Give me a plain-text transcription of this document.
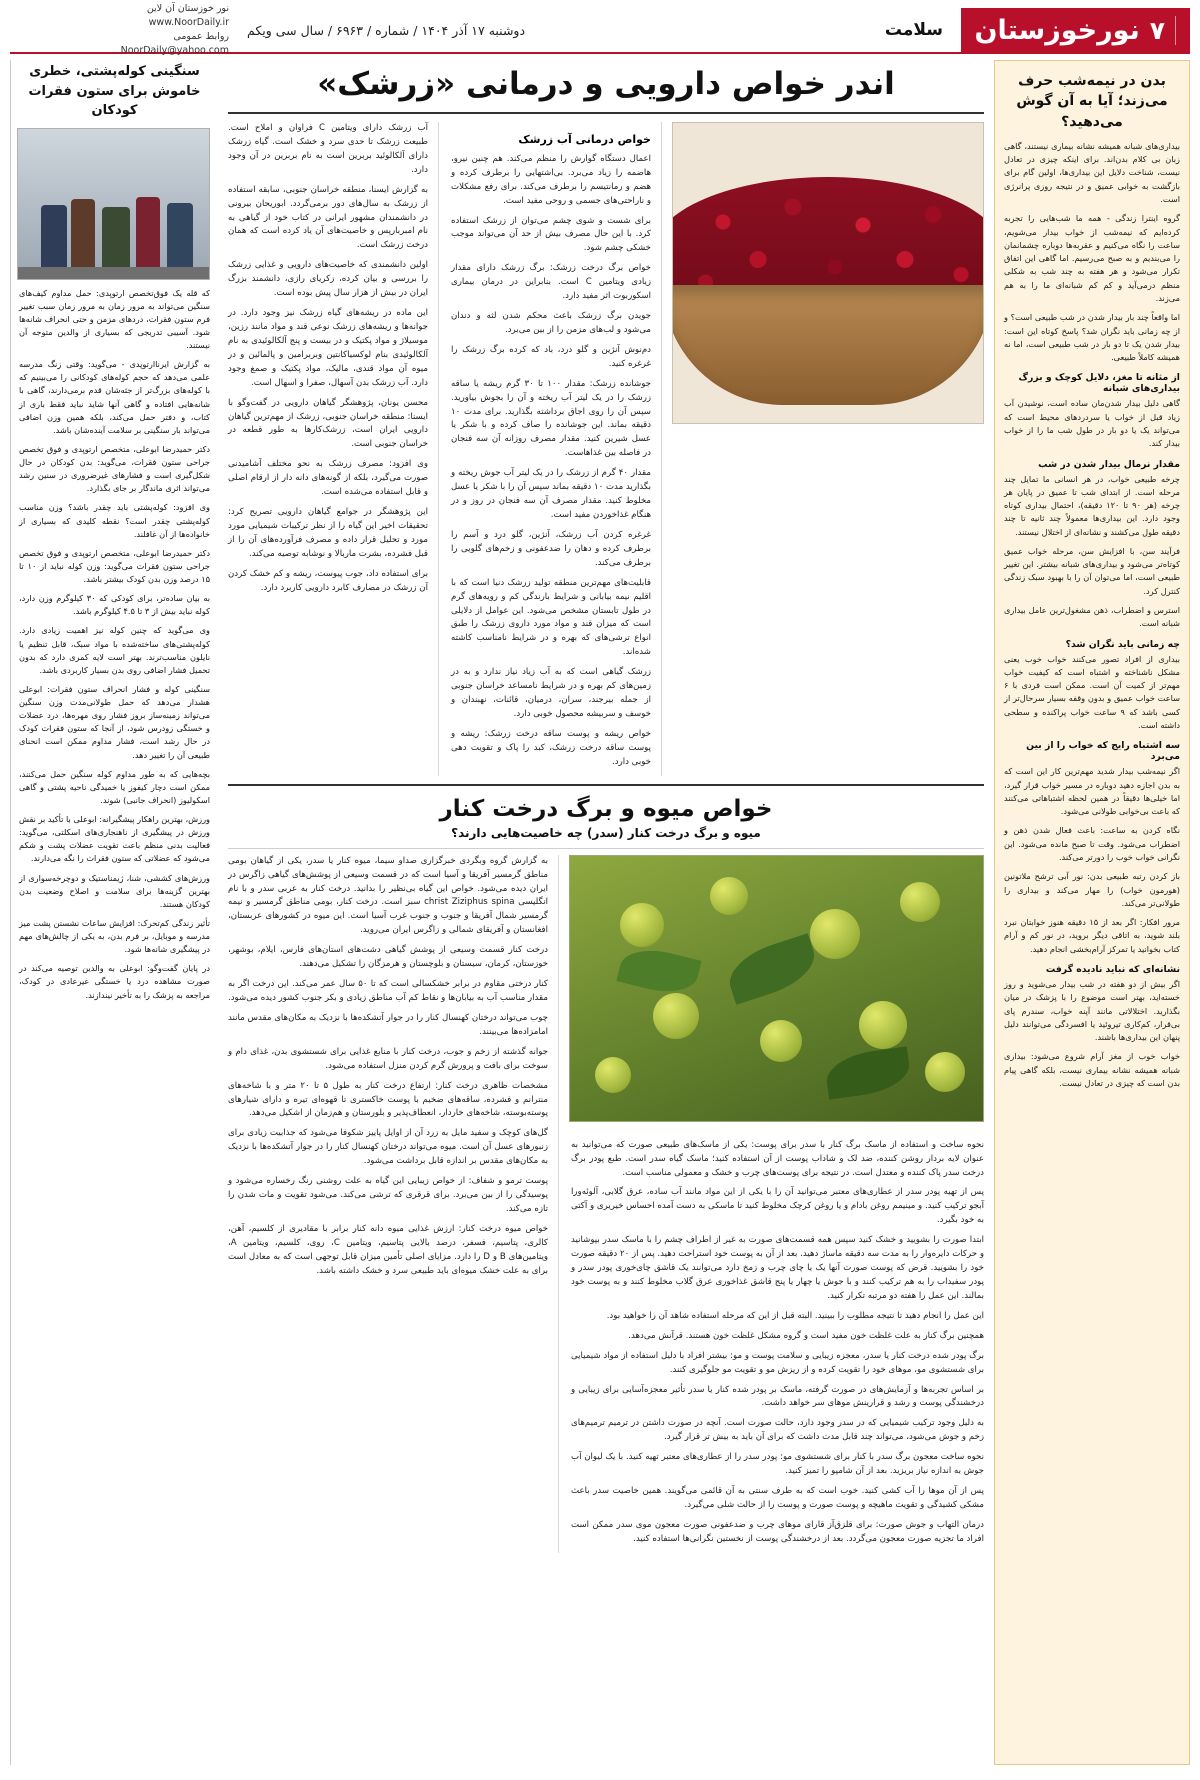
۷
نورخوزستان
سلامت
دوشنبه ۱۷ آذر ۱۴۰۴ / شماره / ۶۹۶۳ / سال سی ویکم
نور خوزستان آن لاین
www.NoorDaily.ir
روابط عمومی
NoorDaily@yahoo.com
بدن در نیمه‌شب حرف می‌زند؛ آیا به آن گوش می‌دهید؟

بیداری‌های شبانه همیشه نشانه بیماری نیستند، گاهی زبان بی کلام بدن‌اند. برای اینکه چیزی در تعادل نیست، شناخت دلایل این بیداری‌ها، اولین گام برای بازگشت به خوابی عمیق و در نتیجه روزی پرانرژی است.

گروه اینترا زندگی - همه ما شب‌هایی را تجربه کرده‌ایم که نیمه‌شب از خواب بیدار می‌شویم، ساعت را نگاه می‌کنیم و عقربه‌ها دوباره چشمانمان را می‌بندیم و به صبح می‌رسیم. اما گاهی این اتفاق تکرار می‌شود و هر هفته به چند شب به شکلی منظم درمی‌آید و کم کم شبانه‌ای ما را به هم می‌زند.

اما واقعاً چند بار بیدار شدن در شب طبیعی است؟ و از چه زمانی باید نگران شد؟ پاسخ کوتاه این است: بیدار شدن یک تا دو بار در شب طبیعی است، اما نه همیشه کاملاً طبیعی.

از مثانه تا مغز، دلایل کوچک و بزرگ بیداری‌های شبانه

گاهی دلیل بیدار شدن‌مان ساده است، نوشیدن آب زیاد قبل از خواب یا سردردهای محیط است که می‌تواند یک یا دو بار در طول شب ما را از خواب بیدار کند.

مقدار نرمال بیدار شدن در شب

چرخه طبیعی خواب، در هر انسانی ما تمایل چند مرحله است. از ابتدای شب تا عمیق در پایان هر چرخه (هر ۹۰ تا ۱۲۰ دقیقه)، احتمال بیداری کوتاه وجود دارد. این بیداری‌ها معمولاً چند ثانیه تا چند دقیقه طول می‌کشند و نشانه‌ای از اختلال نیستند.

فرآیند سن، با افزایش سن، مرحله خواب عمیق کوتاه‌تر می‌شود و بیداری‌های شبانه بیشتر. این تغییر طبیعی است، اما می‌توان آن را با بهبود سبک زندگی کنترل کرد.

استرس و اضطراب، ذهن مشغول‌ترین عامل بیداری شبانه است.

چه زمانی باید نگران شد؟

بیداری از افراد تصور می‌کنند خواب خوب یعنی مشکل ناشناخته و اشتباه است که کیفیت خواب مهم‌تر از کمیت آن است. ممکن است فردی با ۶ ساعت خواب عمیق و بدون وقفه بسیار سرحال‌تر از کسی باشد که ۹ ساعت خواب پراکنده و سطحی داشته است.

سه اشتباه رایج که خواب را از بین می‌برد

اگر نیمه‌شب بیدار شدید مهم‌ترین کار این است که به بدن اجازه دهید دوباره در مسیر خواب قرار گیرد، اما خیلی‌ها دقیقاً در همین لحظه اشتباهاتی می‌کنند که باعث بی‌خوابی طولانی می‌شود.

نگاه کردن به ساعت: باعث فعال شدن ذهن و اضطراب می‌شود. وقت تا صبح مانده می‌شود. این نگرانی خواب خوب را دورتر می‌کند.

باز کردن رتبه طبیعی بدن: نور آبی ترشح ملاتونین (هورمون خواب) را مهار می‌کند و بیداری را طولانی‌تر می‌کند.

مرور افکار: اگر بعد از ۱۵ دقیقه هنوز خوابتان نبرد بلند شوید، به اتاقی دیگر بروید، در نور کم و آرام کتاب بخوانید یا تمرکز آرام‌بخشی انجام دهید.

نشانه‌ای که نباید نادیده گرفت

اگر بیش از دو هفته در شب بیدار می‌شوید و روز خسته‌اید، بهتر است موضوع را با پزشک در میان بگذارید. اختلالاتی مانند آپنه خواب، سندرم پای بی‌قرار، کم‌کاری تیروئید یا افسردگی می‌توانند دلیل پنهان این بیداری‌ها باشند.

خواب خوب از مغز آرام شروع می‌شود: بیداری شبانه همیشه نشانه بیماری نیست، بلکه گاهی پیام بدن است که چیزی در تعادل نیست.

اندر خواص دارویی و درمانی «زرشک»
خواص درمانی آب زرشک

اعمال دستگاه گوارش را منظم می‌کند. هم چنین نیرو، هاضمه را زیاد می‌برد. بی‌اشتهایی را برطرف کرده و هضم و رمانتیسم را برطرف می‌کند. برای رفع مشکلات و ناراحتی‌های جسمی و روحی مفید است.

برای شست و شوی چشم می‌توان از زرشک استفاده کرد. با این حال مصرف بیش از حد آن می‌تواند موجب خشکی چشم شود.

خواص برگ درخت زرشک: برگ زرشک دارای مقدار زیادی ویتامین C است. بنابراین در درمان بیماری اسکوربوت اثر مفید دارد.

جویدن برگ زرشک باعث محکم شدن لثه و دندان می‌شود و لب‌های مزمن را از بین می‌برد.

دم‌نوش آنژین و گلو درد، باد که کرده برگ زرشک را غرغره کنید.

جوشانده زرشک: مقدار ۱۰۰ تا ۳۰ گرم ریشه یا ساقه زرشک را در یک لیتر آب ریخته و آن را بجوش بیاورید. سپس آن را روی اجاق برداشته بگذارید. برای مدت ۱۰ دقیقه بماند. این جوشانده را صاف کرده و با شکر یا عسل شیرین کنید. مقدار مصرف روزانه آن سه فنجان در فاصله بین غذاهاست.

مقدار ۴۰ گرم از زرشک را در یک لیتر آب جوش ریخته و بگذارید مدت ۱۰ دقیقه بماند سپس آن را با شکر یا عسل مخلوط کنید. مقدار مصرف آن سه فنجان در روز و در هنگام غذاخوردن مفید است.

غرغره کردن آب زرشک، آنژین، گلو درد و آسم را برطرف کرده و دهان را ضدعفونی و زخم‌های گلویی را برطرف می‌کند.

قابلیت‌های مهم‌ترین منطقه تولید زرشک دنیا است که با اقلیم نیمه بیابانی و شرایط بارندگی کم و رویه‌های گرم در طول تابستان مشخص می‌شود. این عوامل از دلایلی است که میزان قند و مواد مورد داروی زرشک را طبق انواع ترشی‌های که بهره و در شرایط نامناسب کاشته شده‌اند.

زرشک گیاهی است که به آب زیاد نیاز ندارد و به در زمین‌های کم بهره و در شرایط نامساعد خراسان جنوبی از جمله بیرجند، سران، درمیان، قائنات، نهبندان و خوسف و سربیشه محصول خوبی دارد.

خواص ریشه و پوست ساقه درخت زرشک: ریشه و پوست ساقه درخت زرشک، کبد را پاک و تقویت دهی خوبی دارد.

آب زرشک دارای ویتامین C فراوان و املاح است. طبیعت زرشک تا حدی سرد و خشک است. گیاه زرشک دارای آلکالوئید بربرین است به نام بربرین در آن وجود دارد.

به گزارش ایسنا، منطقه خراسان جنوبی، سابقه استفاده از زرشک به سال‌های دور برمی‌گردد. ابوریحان بیرونی در دانشمندان مشهور ایرانی در کتاب خود از گیاهی به نام امبربارپس و خاصیت‌های آن یاد کرده است که همان درخت زرشک است.

اولین دانشمندی که خاصیت‌های دارویی و غذایی زرشک را بررسی و بیان کرده، زکریای رازی، دانشمند بزرگ ایران در بیش از هزار سال پیش بوده است.

این ماده در ریشه‌های گیاه زرشک نیز وجود دارد. در جوانه‌ها و ریشه‌های زرشک نوعی قند و مواد مانند رزین، موسیلاژ و مواد پکتیک و در بیست و پنج آلکالوئیدی به نام آلکالوئیدی بنام لوکسیاکانتین وبربرامین و پالمائین و در میوه آن مواد قندی، مالیک، مواد پکتیک و صمغ وجود دارد. آب زرشک بدن آسهال، صفرا و اسهال است.

محسن یونان، پژوهشگر گیاهان دارویی در گفت‌وگو با ایسنا: منطقه خراسان جنوبی، زرشک از مهم‌ترین گیاهان دارویی ایران است، زرشک‌کارها به طور قطعه در خراسان جنوبی است.

وی افزود: مصرف زرشک به نحو مختلف آشامیدنی صورت می‌گیرد، بلکه از گونه‌های دانه دار از ارقام اصلی و قابل استفاده می‌شده است.

این پژوهشگر در جوامع گیاهان دارویی تصریح کرد: تحقیقات اخیر این گیاه را از نظر ترکیبات شیمیایی مورد مورد و تحلیل قرار داده و مصرف فرآورده‌های آن را از قبل فشرده، بشرت ماربالا و نوشابه توصیه می‌کند.

برای استفاده داد، جوب پیوست، ریشه و کم خشک کردن آن زرشک در مصارف کابرد دارویی کاربرد دارد.

خواص میوه و برگ درخت کنار
میوه و برگ درخت کنار (سدر) چه خاصیت‌هایی دارند؟

نحوه ساخت و استفاده از ماسک برگ کنار با سدر برای پوست: یکی از ماسک‌های طبیعی صورت که می‌توانید به عنوان لایه بردار روشن کننده، ضد لک و شاداب پوست از آن استفاده کنید؛ ماسک گیاه سدر است. طبع پودر برگ درخت سدر پاک کننده و معتدل است. در نتیجه برای پوست‌های چرب و خشک و معمولی مناسب است.

پس از تهیه پودر سدر از عطاری‌های معتبر می‌توانید آن را با یکی از این مواد مانند آب ساده، عرق گلابی، آلوئه‌ورا آبجو ترکیب کنید. و مینیمم روغن بادام و یا روغن کرچک مخلوط کنید تا ماسکی به دست آمده احساس خیریری و آکتی به خود بگیرد.

ابتدا صورت را بشویید و خشک کنید سپس همه قسمت‌های صورت به غیر از اطراف چشم را با ماسک سدر بپوشانید و حرکات دایره‌وار را به مدت سه دقیقه ماساژ دهید. بعد از آن به پوست خود استراحت دهید. پس از ۲۰ دقیقه صورت خود را بشویید. قرض که پوست صورت آنها یک یا چای چرب و زمخ دارد می‌توانند یک قاشق چای‌خوری پودر سدر و پودر سفیداب را به هم ترکیب کنند و با جوش یا چهار یا پنج قاشق غذاخوری عرق گلاب مخلوط کنند و به پوست خود بمالند. این عمل را هفته دو مرتبه تکرار کنید.

این عمل را انجام دهید تا نتیجه مطلوب را ببینید. البته قبل از این که مرحله استفاده شاهد آن را خواهید بود.

همچنین برگ کنار به علت غلظت خون مفید است و گروه مشکل غلظت خون هستند. قرآنش می‌دهد.

برگ پودر شده درخت کنار یا سدر، معجزه زیبایی و سلامت پوست و مو: بیشتر افراد با دلیل استفاده از مواد شیمیایی برای شستشوی مو، موهای خود را تقویت کرده و از ریزش مو و تقویت مو جلوگیری کنند.

بر اساس تجربه‌ها و آزمایش‌های در صورت گرفته، ماسک بر پودر شده کنار یا سدر تأثیر معجزه‌آسایی برای زیبایی و درخشندگی پوست و رشد و قرارینش موهای سر خواهد داشت.

به دلیل وجود ترکیب شیمیایی که در سدر وجود دارد، حالت صورت است. آنچه در صورت داشتن در ترمیم ترمیم‌های زخم و جوش می‌شود، می‌تواند چند قابل مدت داشت که برای آن باید به بیش تر قرار گیرد.

نحوه ساخت معجون برگ سدر با کنار برای شستشوی مو: پودر سدر را از عطاری‌های معتبر تهیه کنید. با یک لیوان آب جوش به اندازه نیاز بریزید. بعد از آن شامپو را تمیز کنید.

پس از آن موها را آب کشی کنید. خوب است که به طرف سنتی به آن قائمی می‌گویند. همین خاصیت سدر باعث مشکی کشیدگی و تقویت ماهیچه و پوست صورت و پوست را از حالت شلی می‌گیرد.

درمان التهاب و جوش صورت: برای قلزق‌آز قارای موهای چرب و ضدعفونی صورت معجون موی سدر ممکن است افراد ما تجزیه صورت معجون می‌گردد. بعد از درخشندگی پوست از نخستین نگرانی‌ها استفاده کنید.

به گزارش گروه وبگردی خبرگزاری صداو سیما، میوه کنار یا سدر، یکی از گیاهان بومی مناطق گرمسیر آفریقا و آسیا است که در قسمت وسیعی از پوشش‌های گیاهی زاگرس در ایران دیده می‌شود. خواص این گیاه بی‌نظیر را بدانید. درخت کنار به عربی سدر و با نام انگلیسی christ Ziziphus spina سبز است. درخت کنار، بومی مناطق گرمسیر و نیمه گرمسیر شمال آفریقا و جنوب و جنوب غرب آسیا است. این میوه در کشورهای عربستان، افغانستان و آفریقای شمالی و زاگرس ایران می‌روید.

درخت کنار قسمت وسیعی از پوشش گیاهی دشت‌های استان‌های فارس، ایلام، بوشهر، خوزستان، کرمان، سیستان و بلوچستان و هرمزگان را تشکیل می‌دهند.

کنار درختی مقاوم در برابر خشکسالی است که تا ۵۰ سال عمر می‌کند. این درخت اگر به مقدار مناسب آب به بیابان‌ها و نقاط کم آب مناطق زیادی و بکر جنوب کشور دیده می‌شود.

چوب می‌تواند درختان کهنسال کنار را در جوار آتشکده‌ها با نزدیک به مکان‌های مقدس مانند امامزاده‌ها می‌بینند.

جوانه گذشته از زخم و جوب، درخت کنار با منابع غذایی برای شستشوی بدن، غذای دام و سوخت برای بافت و پرورش گرم کردن منزل استفاده می‌شود.

مشخصات ظاهری درخت کنار: ارتفاع درخت کنار به طول ۵ تا ۲۰ متر و با شاخه‌های منترانم و فشرده، ساقه‌های ضخیم با پوست خاکستری تا قهوه‌ای تیره و دارای شیارهای پوسته‌بوسته، شاخه‌های خاردار، انعطاف‌پذیر و بلورستان و هم‌زمان از اشکیل می‌دهد.

گل‌های کوچک و سفید مایل به زرد آن از اوایل پاییز شکوفا می‌شود که جذابیت زیادی برای زنبورهای عسل آن است. میوه می‌تواند درختان کهنسال کنار را در جوار آتشکده‌ها با نزدیک به مکان‌های مقدس بر اندازه قابل برداشت می‌شود.

پوست ترمو و شفاف: از خواص زیبایی این گیاه به علت روشنی رنگ رخساره می‌شود و پوسیدگی را از بین می‌برد. برای قرقری که ترشی می‌کند. می‌شود تقویت و مات شدن را تازه می‌کند.

خواص میوه درخت کنار: ارزش غذایی میوه دانه کنار برابر با مقادیری از کلسیم، آهن، کالری، پتاسیم، فسفر، درصد بالایی پتاسیم، ویتامین C، روی، کلسیم، ویتامین A، ویتامین‌های B و D را دارد. مزایای اصلی تأمین میزان قابل توجهی است که به معادل است برای به علت خشک میوه‌ای باید طبیعی سرد و خشک داشته باشد.

سنگینی کوله‌پشتی، خطری خاموش برای ستون فقرات کودکان

که قله یک فوق‌تخصص ارتوپدی: حمل مداوم کیف‌های سنگین می‌تواند به مرور زمان به مرور زمان سبب تغییر فرم ستون فقرات، دردهای مزمن و حتی انحراف شانه‌ها شود. آسیبی تدریجی که بسیاری از والدین متوجه آن نیستند.

به گزارش ایرناارتوپدی - می‌گوید: وقتی زنگ مدرسه علمی می‌دهد که حجم کوله‌های کودکانی را می‌بینیم که با کوله‌های بزرگ‌تر از جثه‌شان قدم برمی‌دارند، گاهی با شانه‌هایی افتاده و گاهی آنها شاید نباید فقط باری از کتاب، و دفتر حمل می‌کند، بلکه همین وزن اضافی می‌تواند بار سنگینی بر سلامت آینده‌شان باشد.

دکتر حمیدرضا ابوعلی، متخصص ارتوپدی و فوق تخصص جراحی ستون فقرات، می‌گوید: بدن کودکان در حال شکل‌گیری است و فشارهای غیرضروری در سنین رشد می‌تواند اثری ماندگار بر جای بگذارد.

وی افزود: کوله‌پشتی باید چقدر باشد؟ وزن مناسب کوله‌پشتی چقدر است؟ نقطه کلیدی که بسیاری از خانواده‌ها از آن غافلند.

دکتر حمیدرضا ابوعلی، متخصص ارتوپدی و فوق تخصص جراحی ستون فقرات می‌گوید: وزن کوله نباید از ۱۰ تا ۱۵ درصد وزن بدن کودک بیشتر باشد.

به بیان ساده‌تر، برای کودکی که ۳۰ کیلوگرم وزن دارد، کوله نباید بیش از ۳ تا ۴.۵ کیلوگرم باشد.

وی می‌گوید که چنین کوله نیز اهمیت زیادی دارد. کوله‌پشتی‌های ساخته‌شده با مواد سبک، قابل تنظیم یا نایلون مناسب‌ترند. بهتر است لایه کمری دارد که بدون تحمیل فشار اضافی روی بدن بسیار کاربردی باشد.

سنگینی کوله و فشار انحراف ستون فقرات: ابوعلی هشدار می‌دهد که حمل طولانی‌مدت وزن سنگین می‌تواند زمینه‌ساز بروز فشار روی مهره‌ها، درد عضلات و خستگی زودرس شود، از آنجا که ستون فقرات کودک در حال رشد است، فشار مداوم ممکن است انحنای طبیعی آن را تغییر دهد.

بچه‌هایی که به طور مداوم کوله سنگین حمل می‌کنند، ممکن است دچار کیفوز یا خمیدگی ناحیه پشتی و گاهی اسکولیوز (انحراف جانبی) شوند.

ورزش، بهترین راهکار پیشگیرانه: ابوعلی با تأکید بر نقش ورزش در پیشگیری از ناهنجاری‌های اسکلتی، می‌گوید: فعالیت بدنی منظم باعث تقویت عضلات پشت و شکم می‌شود که عضلاتی که ستون فقرات را نگه می‌دارند.

ورزش‌های کششی، شنا، ژیمناستیک و دوچرخه‌سواری از بهترین گزینه‌ها برای سلامت و اصلاح وضعیت بدن کودکان هستند.

تأثیر زندگی کم‌تحرک: افزایش ساعات نشستن پشت میز مدرسه و موبایل، بر فرم بدن، به یکی از چالش‌های مهم در پیشگیری شانه‌ها شود.

در پایان گفت‌وگو: ابوعلی به والدین توصیه می‌کند در صورت مشاهده درد یا خستگی غیرعادی در کودک، مراجعه به پزشک را به تأخیر نیندازند.
